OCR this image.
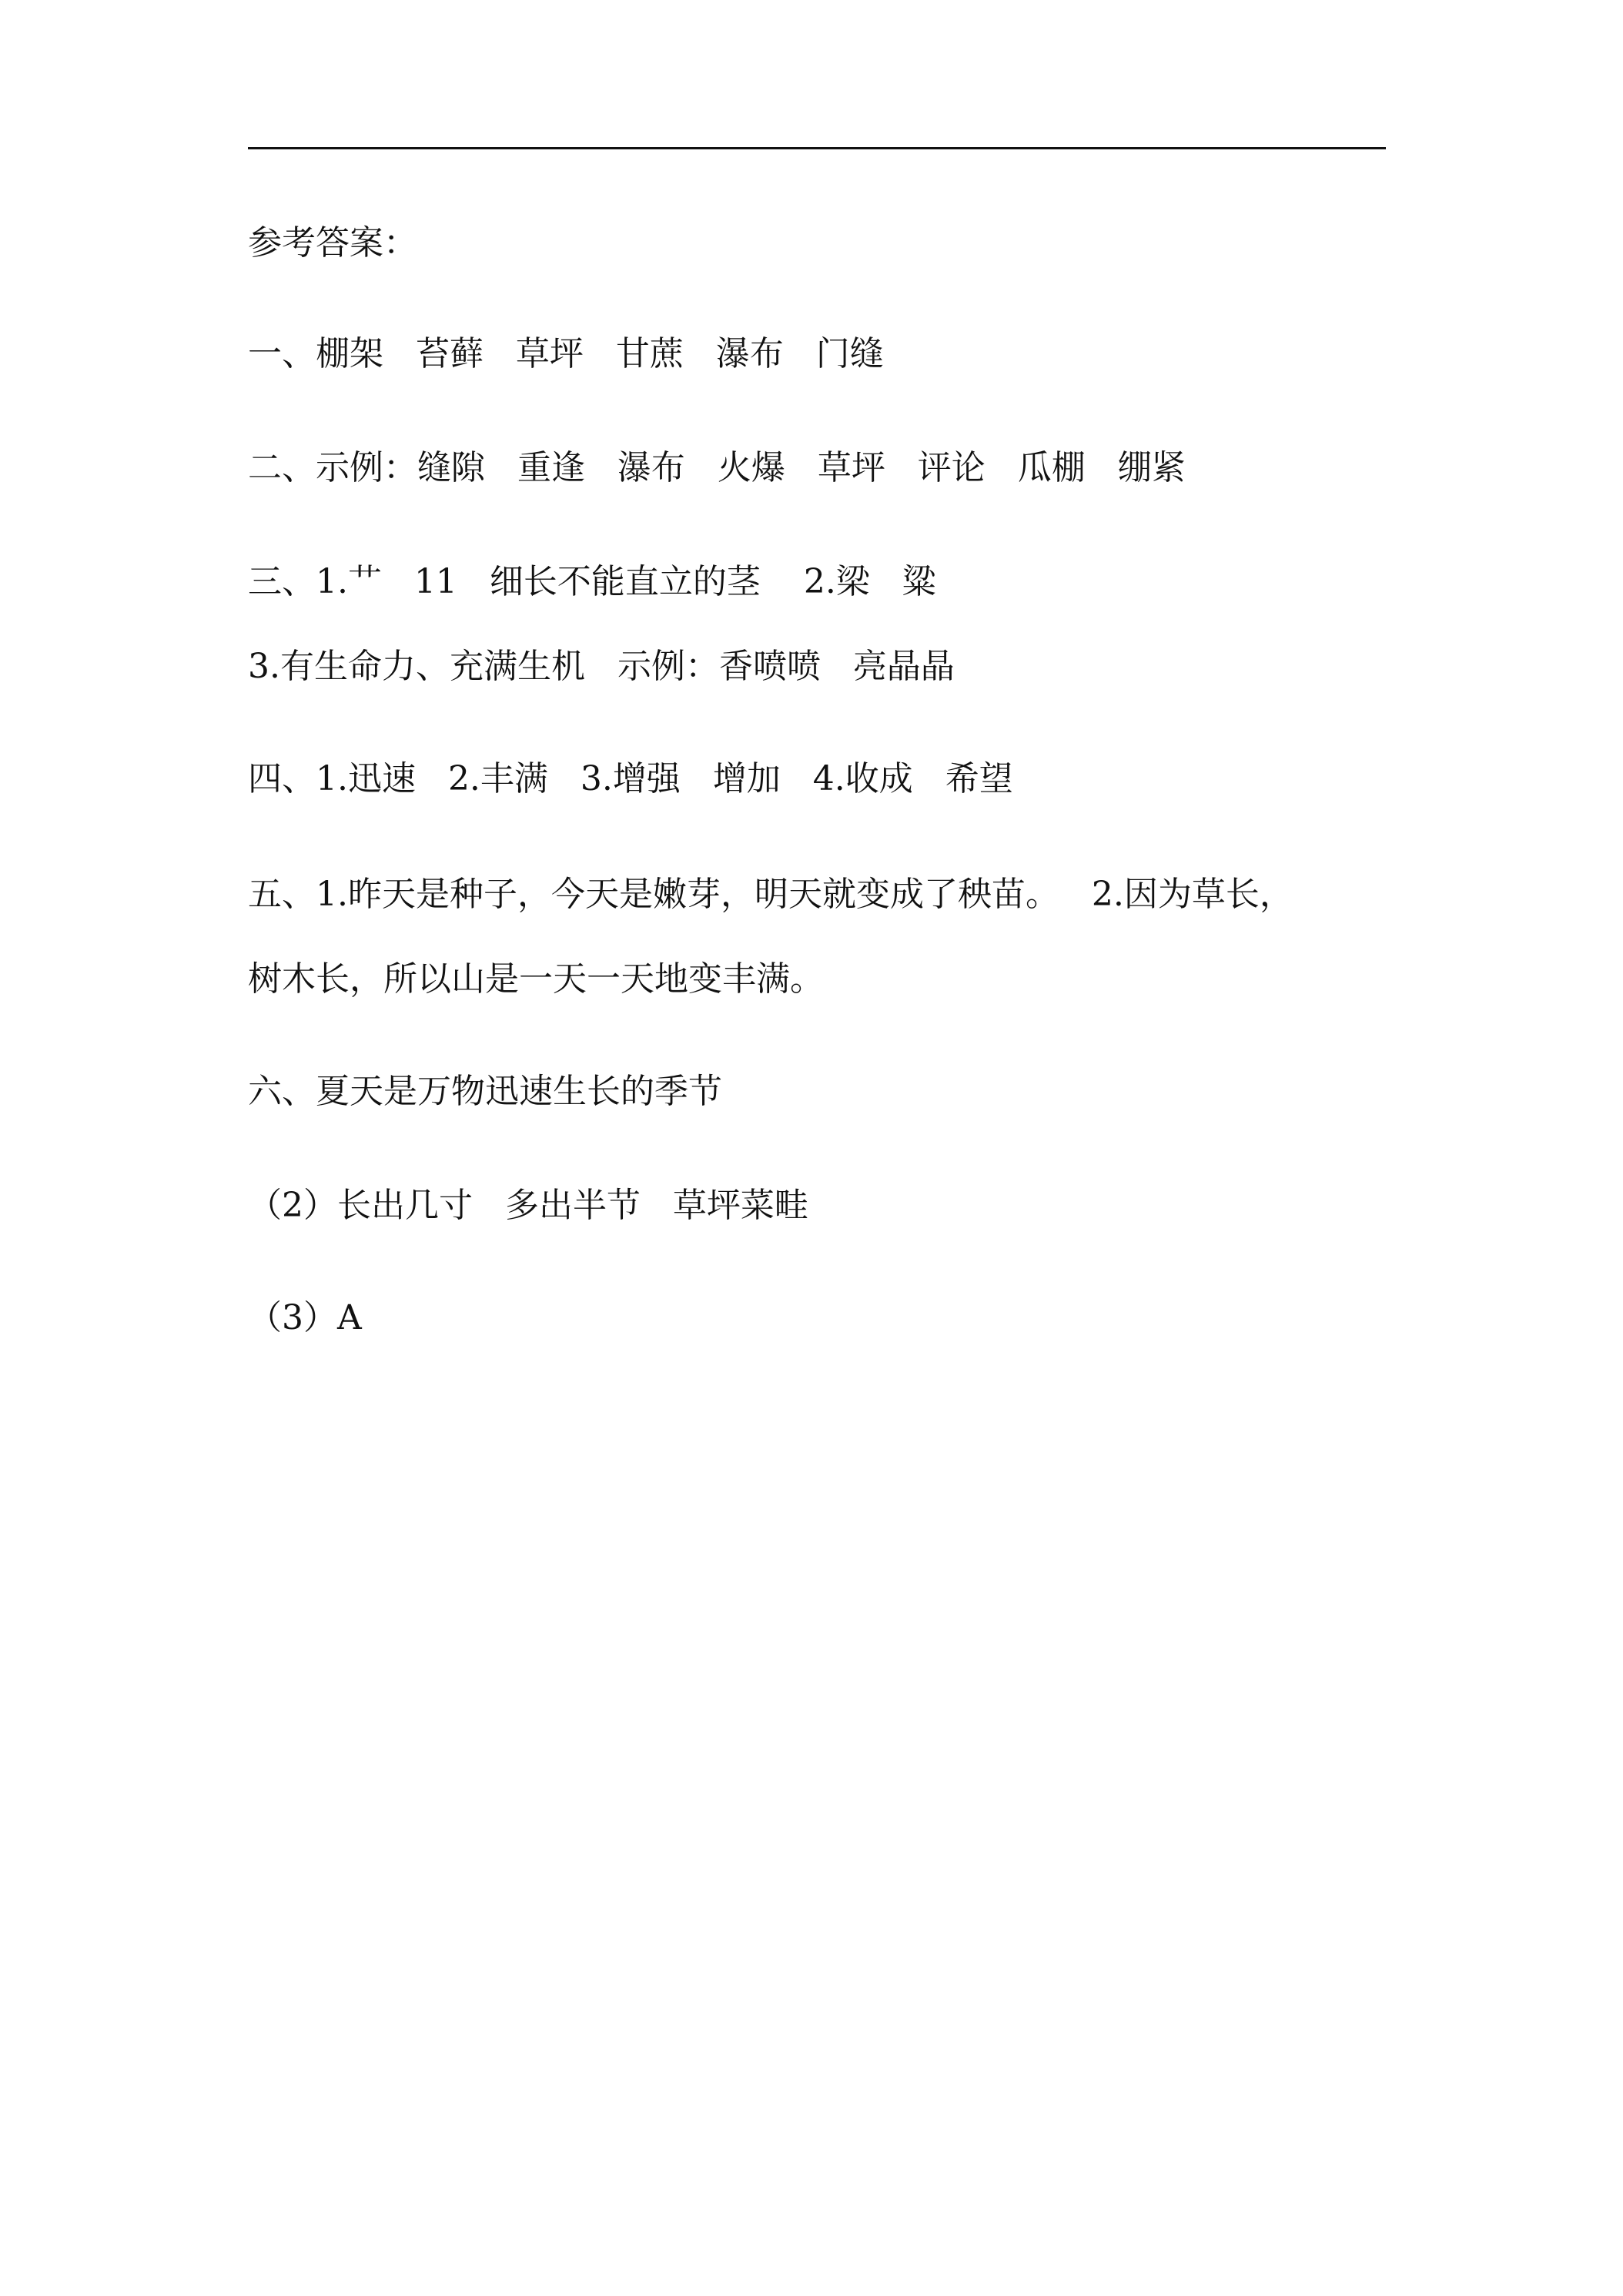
参考答案：
一、棚架   苔藓   草坪   甘蔗   瀑布   门缝
二、示例：缝隙   重逢   瀑布   火爆   草坪   评论   瓜棚   绷紧
三、1.艹   11   细长不能直立的茎    2.梁   粱
3.有生命力、充满生机   示例：香喷喷   亮晶晶
四、1.迅速   2.丰满   3.增强   增加   4.收成   希望
五、1.昨天是种子，今天是嫩芽，明天就变成了秧苗。   2.因为草长，
树木长，所以山是一天一天地变丰满。
六、夏天是万物迅速生长的季节
（2）长出几寸   多出半节   草坪菜畦
（3）A
